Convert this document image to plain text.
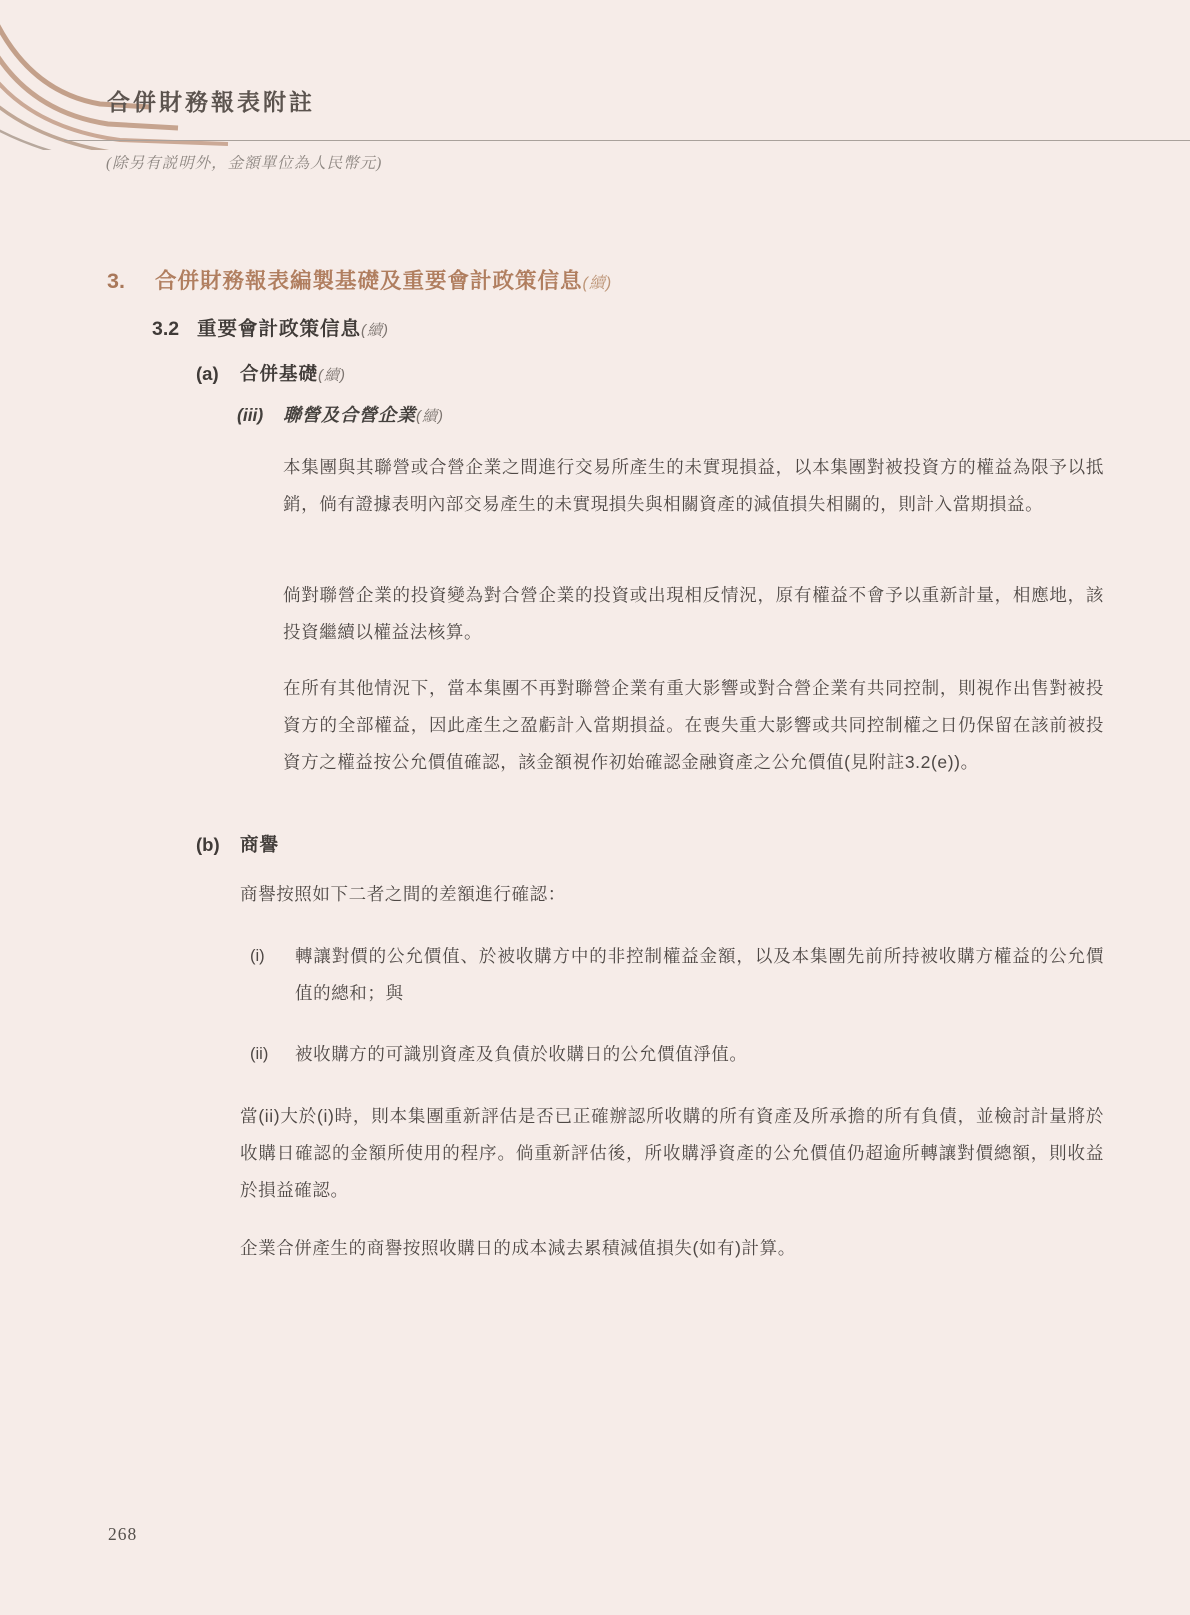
合併財務報表附註
(除另有説明外，金額單位為人民幣元)
3.	合併財務報表編製基礎及重要會計政策信息(續)
3.2 重要會計政策信息(續)
(a)	合併基礎(續)
(iii)	聯營及合營企業(續)
本集團與其聯營或合營企業之間進行交易所產生的未實現損益，以本集團對被投資方的權益為限予以抵銷，倘有證據表明內部交易產生的未實現損失與相關資產的減值損失相關的，則計入當期損益。
倘對聯營企業的投資變為對合營企業的投資或出現相反情況，原有權益不會予以重新計量，相應地，該投資繼續以權益法核算。
在所有其他情況下，當本集團不再對聯營企業有重大影響或對合營企業有共同控制，則視作出售對被投資方的全部權益，因此產生之盈虧計入當期損益。在喪失重大影響或共同控制權之日仍保留在該前被投資方之權益按公允價值確認，該金額視作初始確認金融資產之公允價值(見附註3.2(e))。
(b)	商譽
商譽按照如下二者之間的差額進行確認：
(i)	轉讓對價的公允價值、於被收購方中的非控制權益金額，以及本集團先前所持被收購方權益的公允價值的總和；與
(ii)	被收購方的可識別資產及負債於收購日的公允價值淨值。
當(ii)大於(i)時，則本集團重新評估是否已正確辦認所收購的所有資產及所承擔的所有負債，並檢討計量將於收購日確認的金額所使用的程序。倘重新評估後，所收購淨資產的公允價值仍超逾所轉讓對價總額，則收益於損益確認。
企業合併產生的商譽按照收購日的成本減去累積減值損失(如有)計算。
268
